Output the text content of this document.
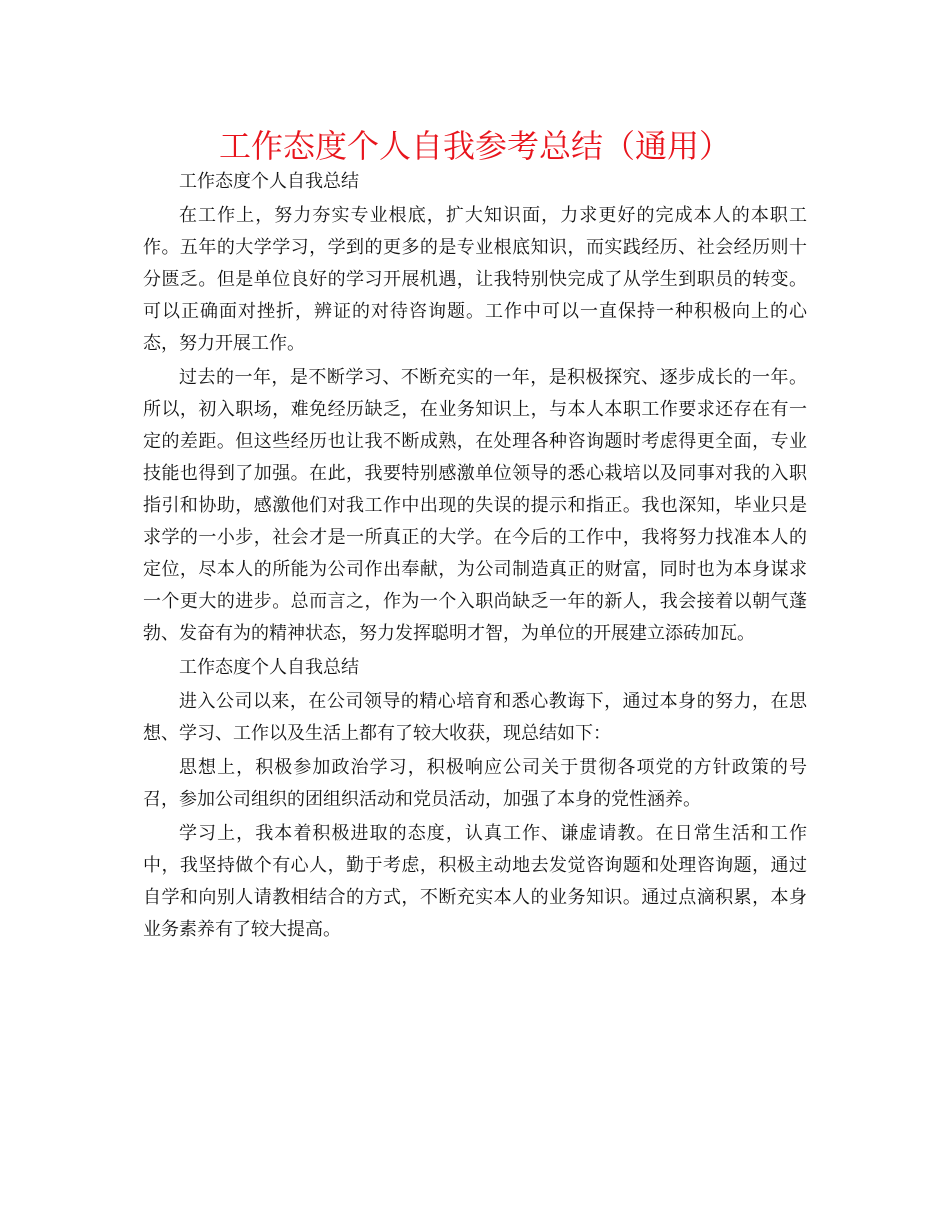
工作态度个人自我参考总结（通用）

工作态度个人自我总结

在工作上，努力夯实专业根底，扩大知识面，力求更好的完成本人的本职工作。五年的大学学习，学到的更多的是专业根底知识，而实践经历、社会经历则十分匮乏。但是单位良好的学习开展机遇，让我特别快完成了从学生到职员的转变。可以正确面对挫折，辨证的对待咨询题。工作中可以一直保持一种积极向上的心态，努力开展工作。

过去的一年，是不断学习、不断充实的一年，是积极探究、逐步成长的一年。所以，初入职场，难免经历缺乏，在业务知识上，与本人本职工作要求还存在有一定的差距。但这些经历也让我不断成熟，在处理各种咨询题时考虑得更全面，专业技能也得到了加强。在此，我要特别感激单位领导的悉心栽培以及同事对我的入职指引和协助，感激他们对我工作中出现的失误的提示和指正。我也深知，毕业只是求学的一小步，社会才是一所真正的大学。在今后的工作中，我将努力找准本人的定位，尽本人的所能为公司作出奉献，为公司制造真正的财富，同时也为本身谋求一个更大的进步。总而言之，作为一个入职尚缺乏一年的新人，我会接着以朝气蓬勃、发奋有为的精神状态，努力发挥聪明才智，为单位的开展建立添砖加瓦。

工作态度个人自我总结

进入公司以来，在公司领导的精心培育和悉心教诲下，通过本身的努力，在思想、学习、工作以及生活上都有了较大收获，现总结如下：

思想上，积极参加政治学习，积极响应公司关于贯彻各项党的方针政策的号召，参加公司组织的团组织活动和党员活动，加强了本身的党性涵养。

学习上，我本着积极进取的态度，认真工作、谦虚请教。在日常生活和工作中，我坚持做个有心人，勤于考虑，积极主动地去发觉咨询题和处理咨询题，通过自学和向别人请教相结合的方式，不断充实本人的业务知识。通过点滴积累，本身业务素养有了较大提高。
